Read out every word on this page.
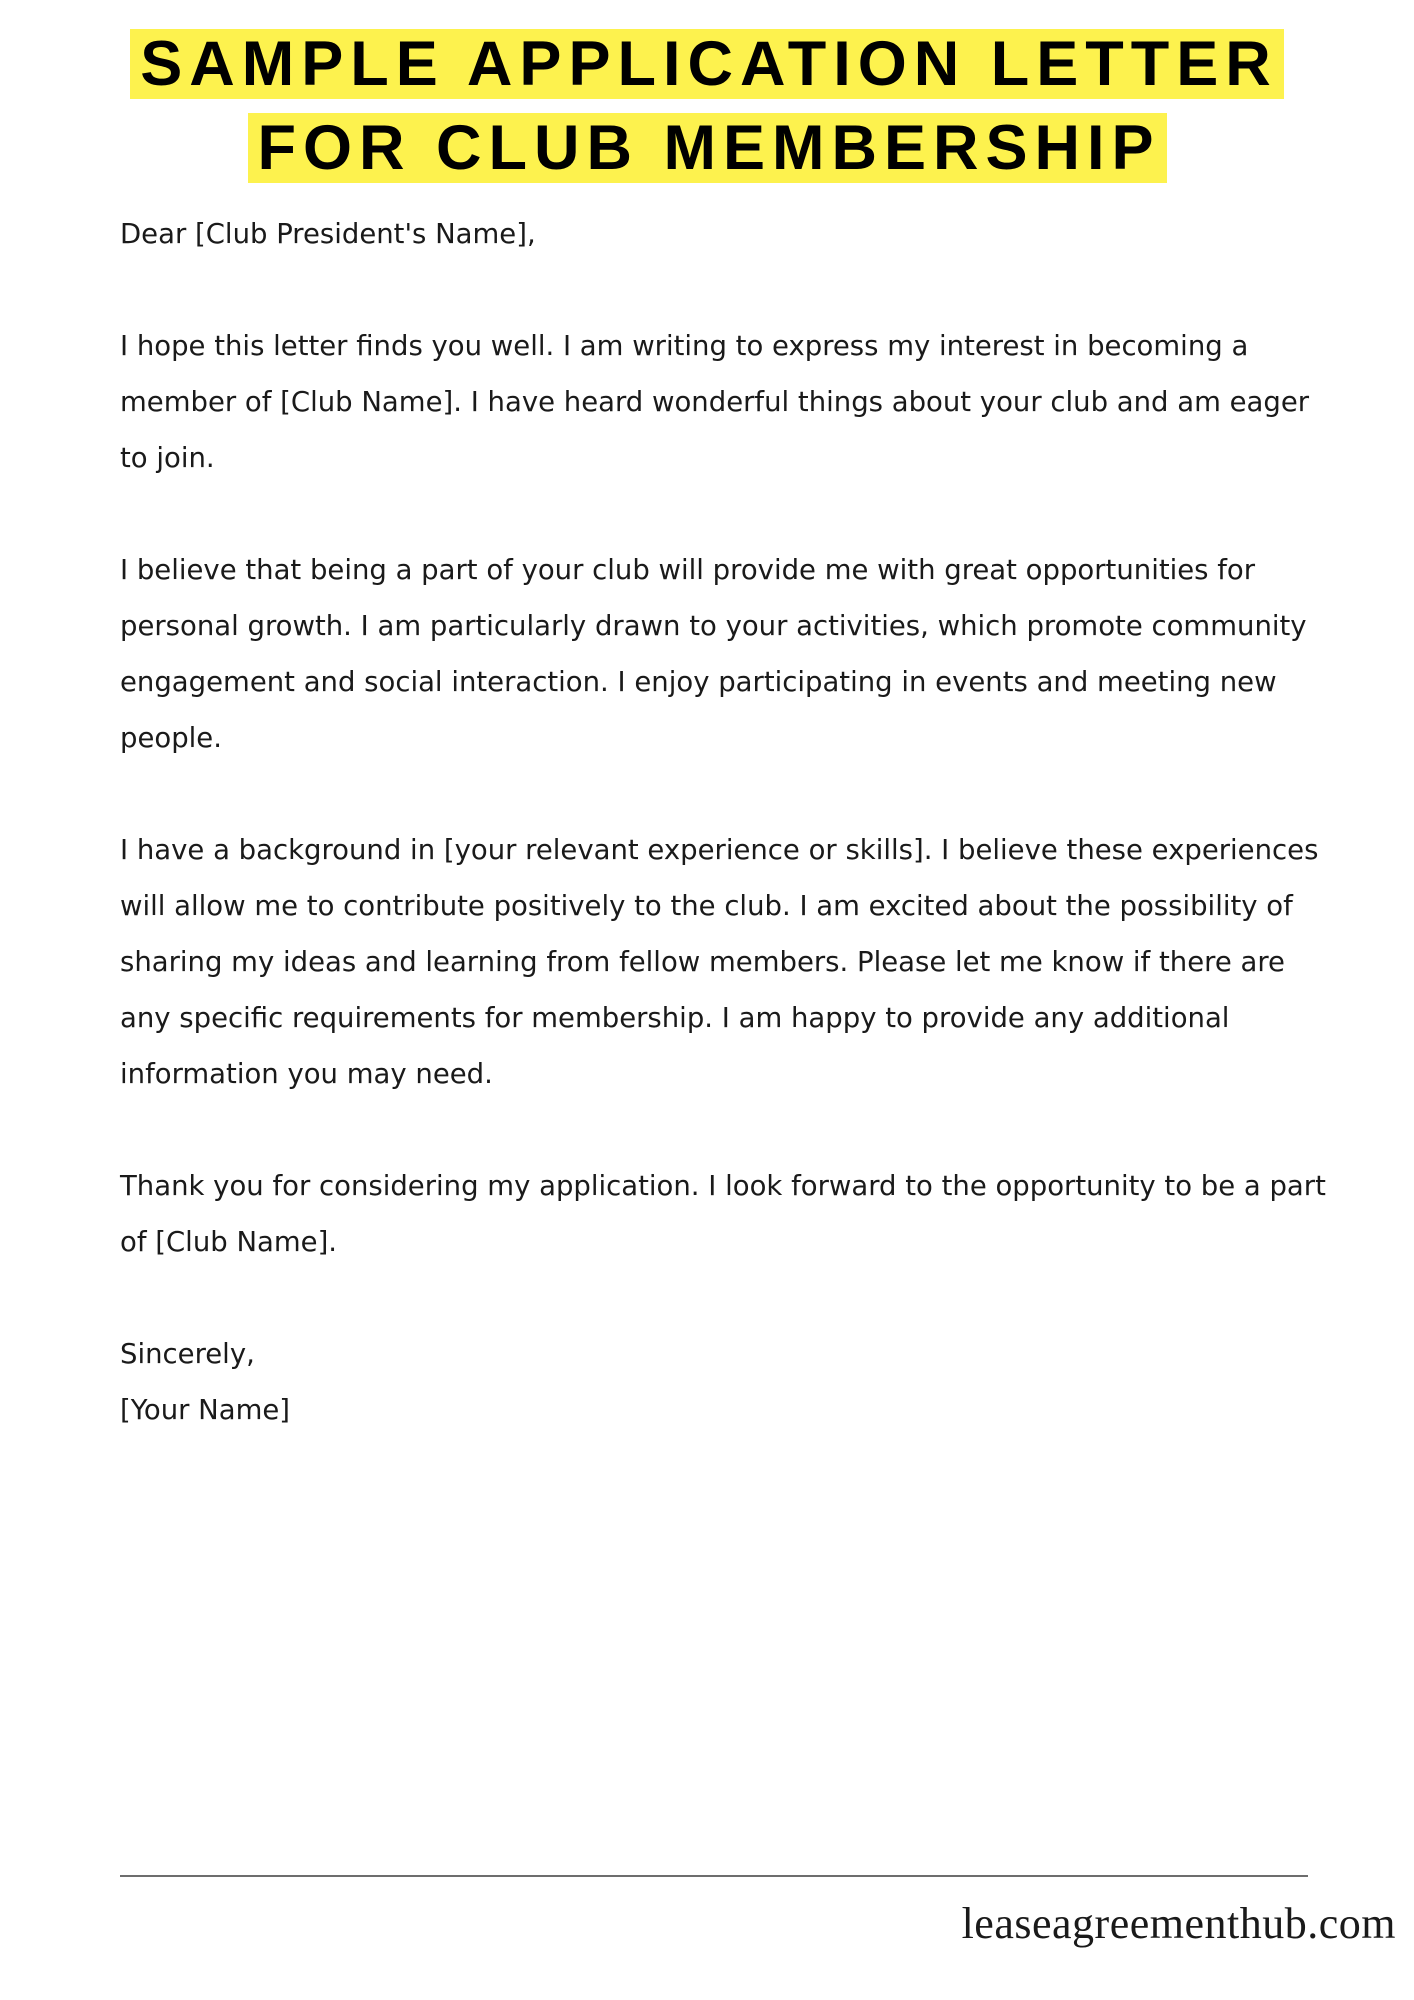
SAMPLE APPLICATION LETTER
FOR CLUB MEMBERSHIP

Dear [Club President's Name],

I hope this letter finds you well. I am writing to express my interest in becoming a member of [Club Name]. I have heard wonderful things about your club and am eager to join.

I believe that being a part of your club will provide me with great opportunities for personal growth. I am particularly drawn to your activities, which promote community engagement and social interaction. I enjoy participating in events and meeting new people.

I have a background in [your relevant experience or skills]. I believe these experiences will allow me to contribute positively to the club. I am excited about the possibility of sharing my ideas and learning from fellow members. Please let me know if there are any specific requirements for membership. I am happy to provide any additional information you may need.

Thank you for considering my application. I look forward to the opportunity to be a part of [Club Name].

Sincerely,

[Your Name]

leaseagreementhub.com
